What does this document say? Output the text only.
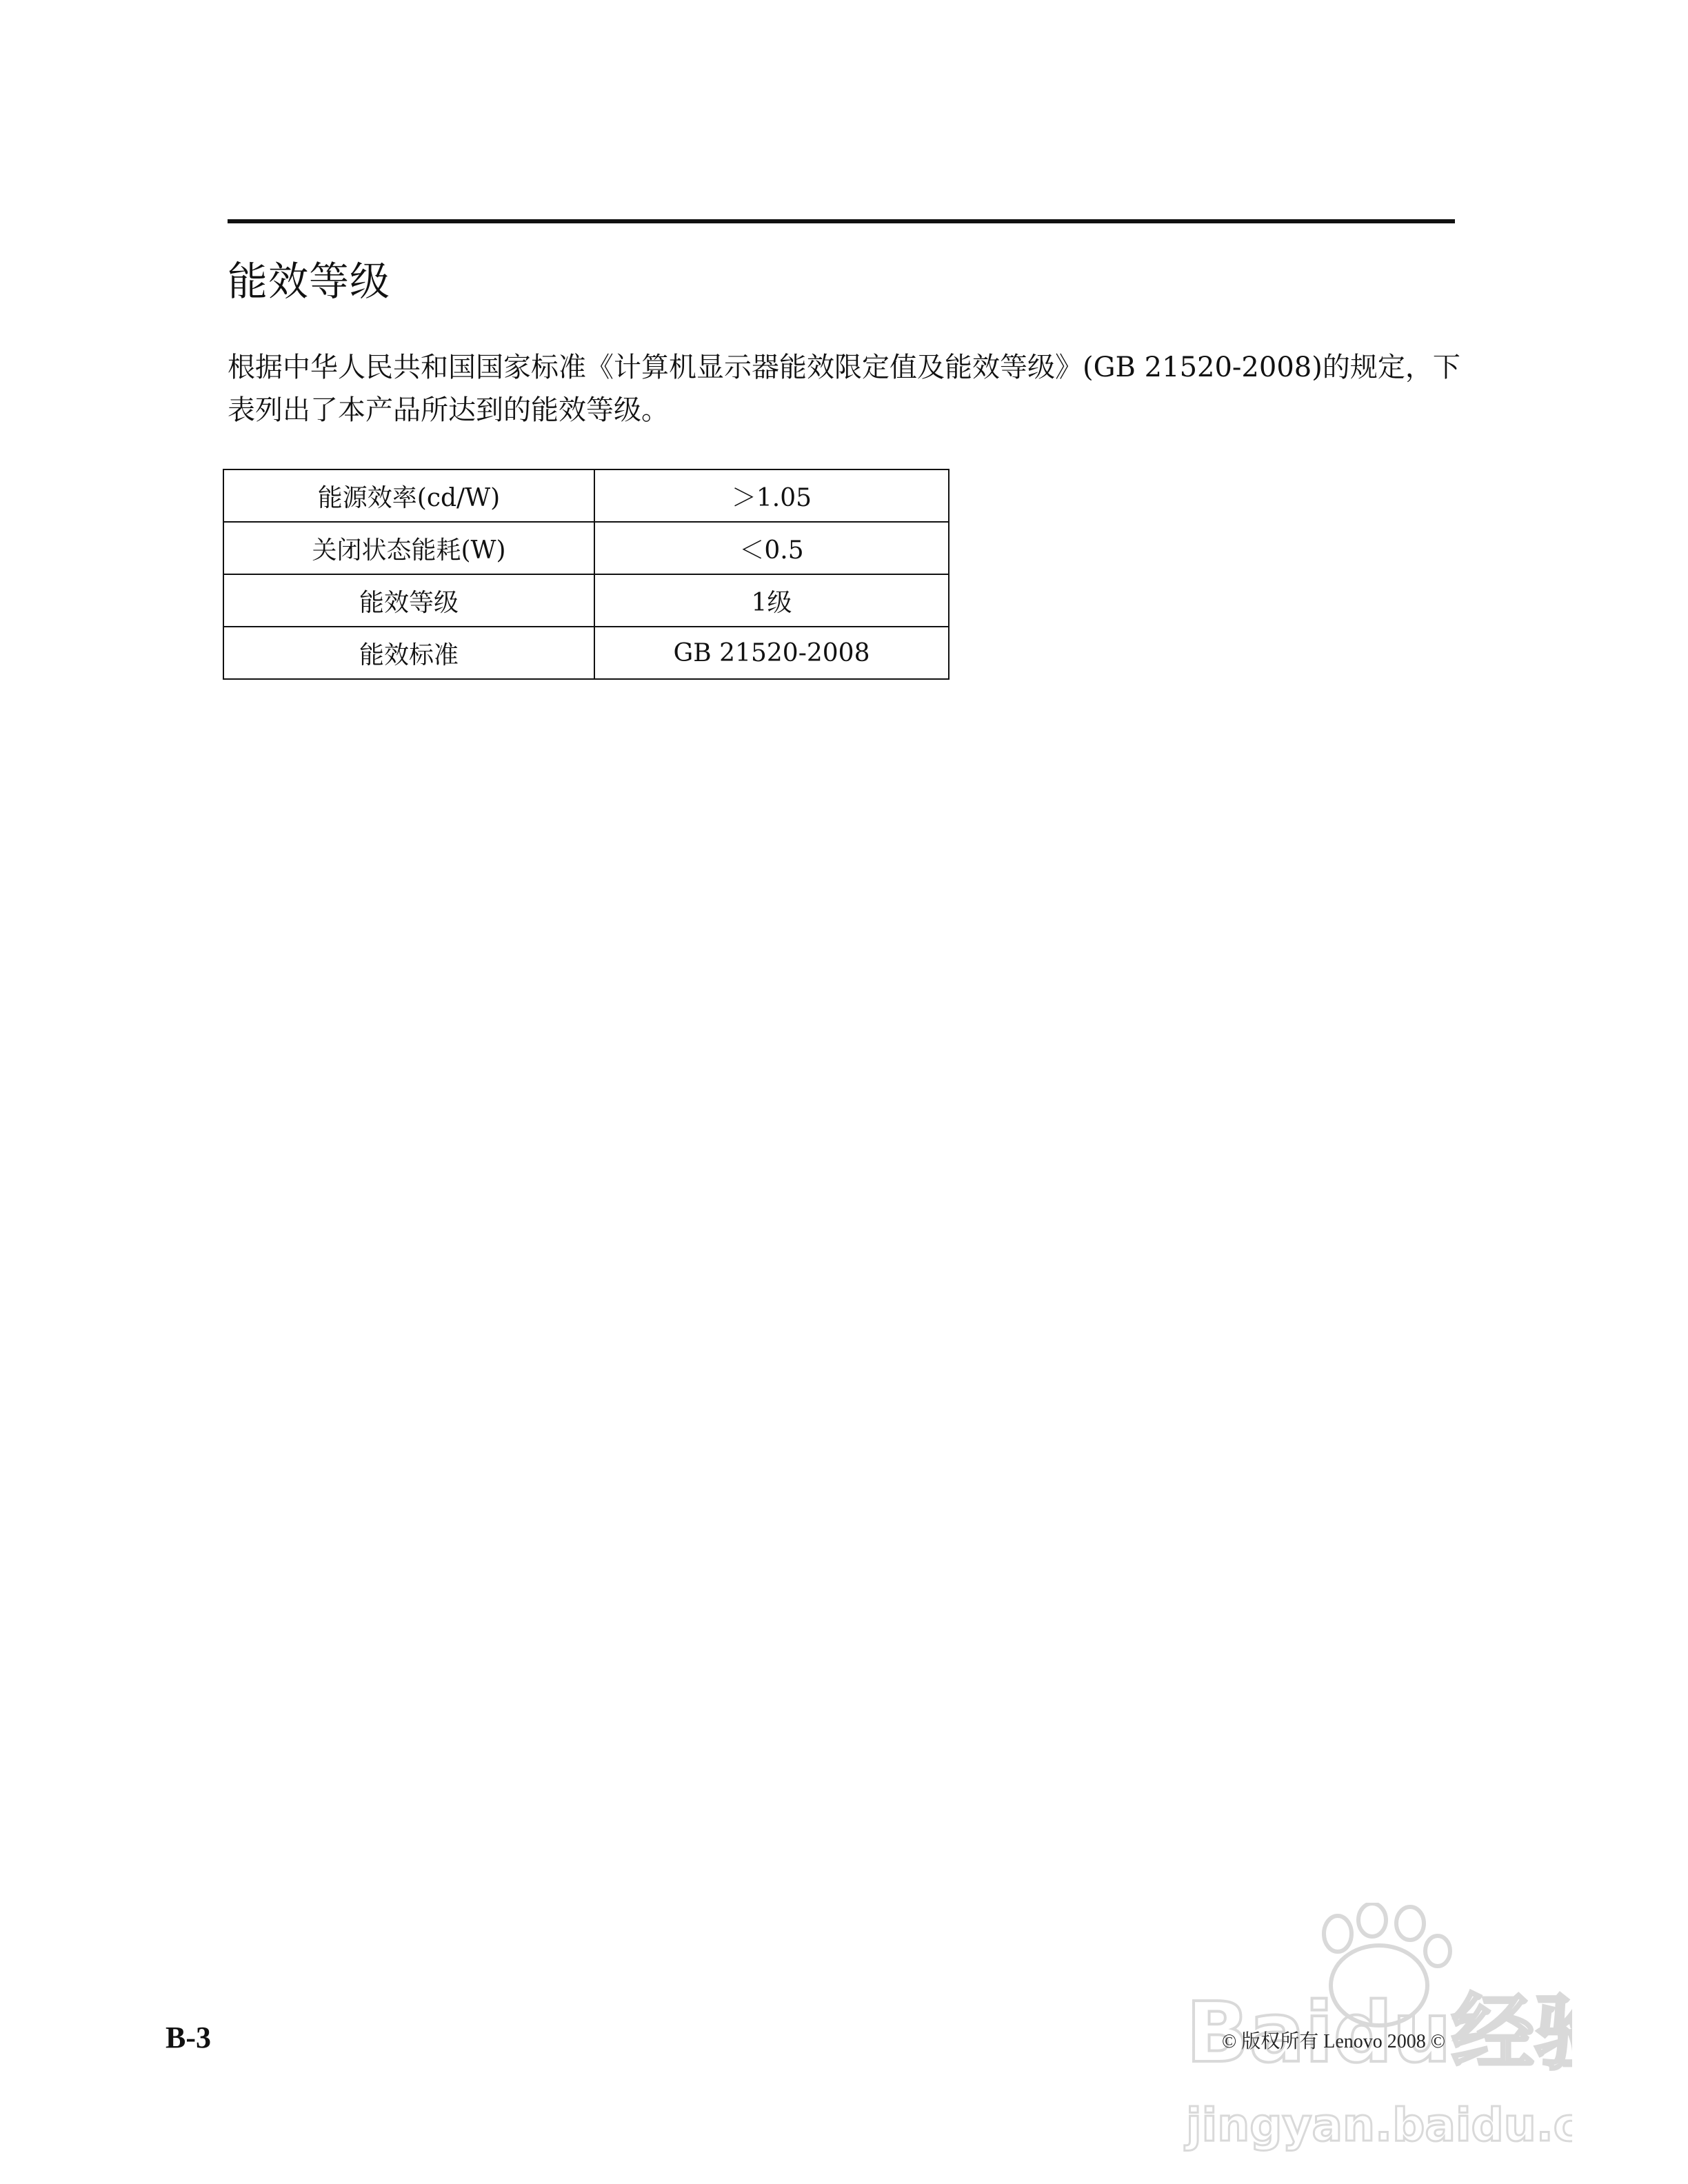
能效等级

根据中华人民共和国国家标准《计算机显示器能效限定值及能效等级》(GB 21520-2008)的规定，下表列出了本产品所达到的能效等级。

能源效率(cd/W)	＞1.05
关闭状态能耗(W)	＜0.5
能效等级	1级
能效标准	GB 21520-2008
B-3	© 版权所有 Lenovo 2008 ©
Baidu经
jingyan.baidu.c
